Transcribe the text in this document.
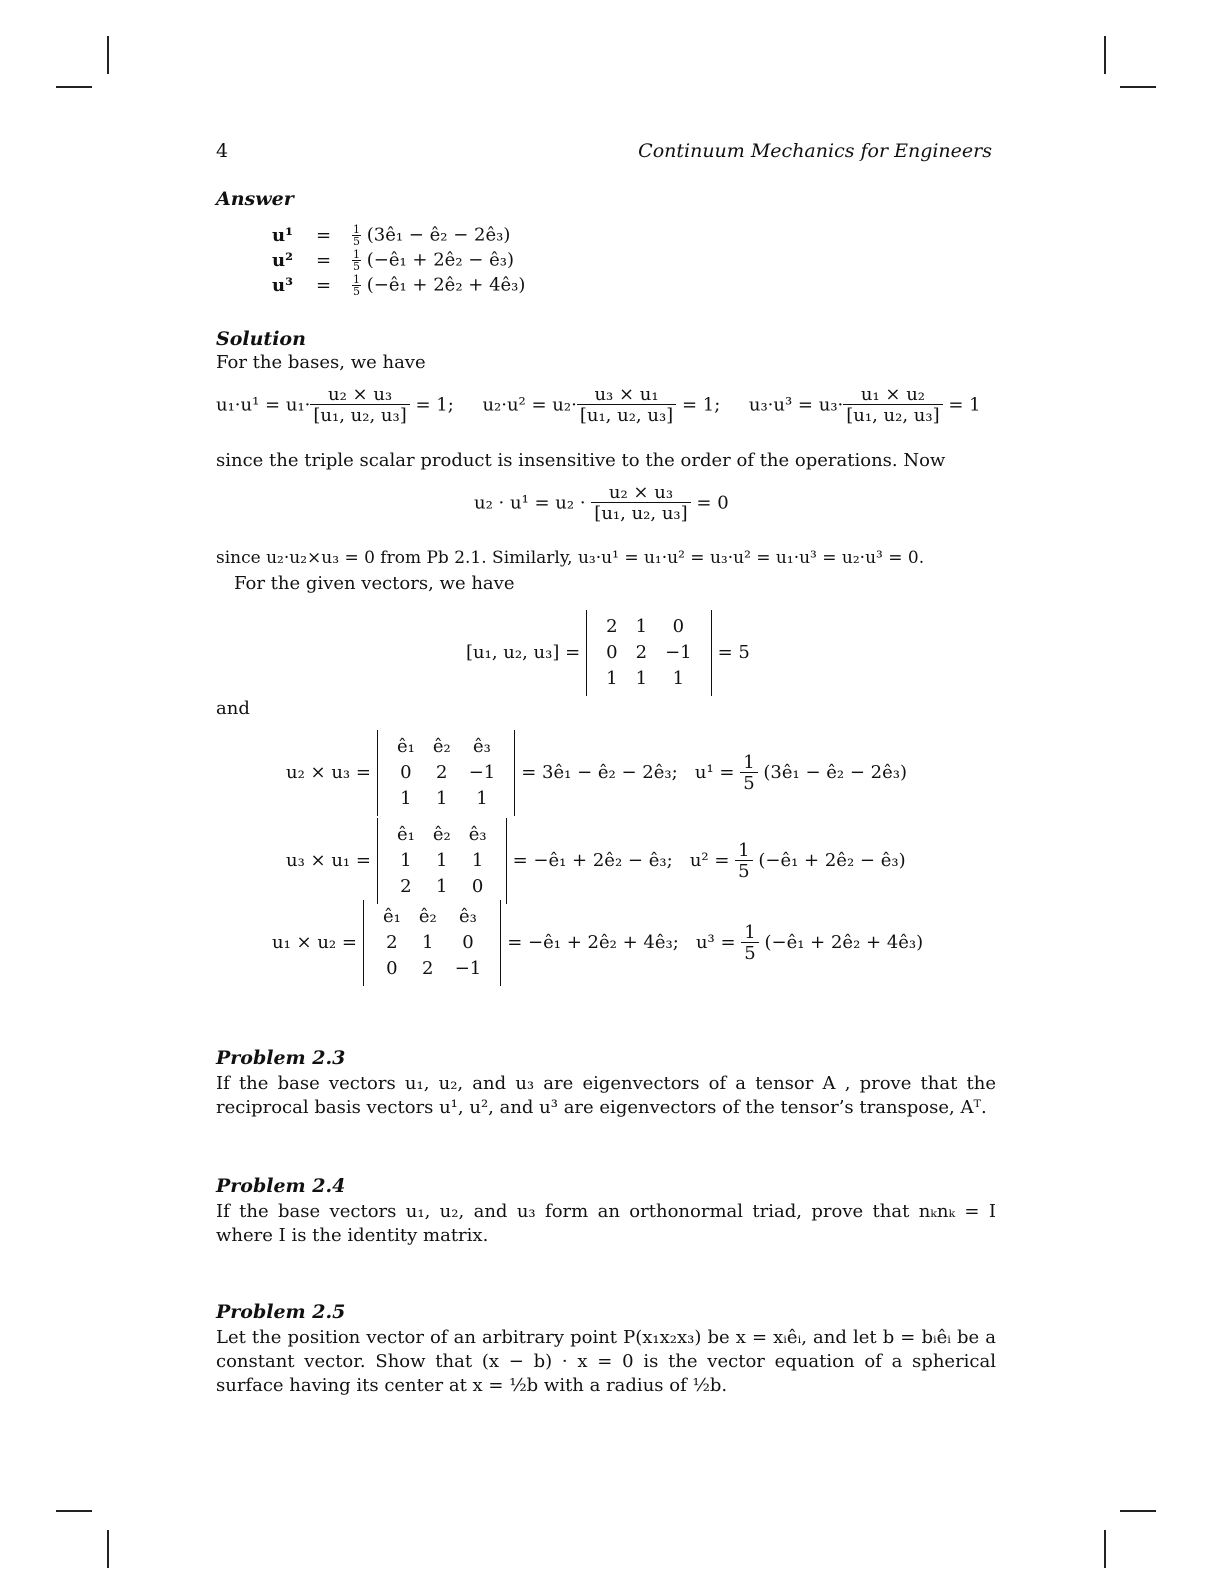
4	Continuum Mechanics for Engineers
Answer
$u^1 = \frac{1}{5}$ (3ê₁ − ê₂ − 2ê₃)
$u^2 = \frac{1}{5}$ (−ê₁ + 2ê₂ − ê₃)
$u^3 = \frac{1}{5}$ (−ê₁ + 2ê₂ + 4ê₃)
Solution
For the bases, we have
$u_1\cdot u^1 = u_1\cdot \frac{\text{u₂ × u₃}}{\text{[u₁, u₂, u₃]}} = 1$; $u_2\cdot u^2 = u_2\cdot \frac{\text{u₃ × u₁}}{\text{[u₁, u₂, u₃]}} = 1$; $u_3\cdot u^3 = u_3\cdot \frac{\text{u₁ × u₂}}{\text{[u₁, u₂, u₃]}} = 1$
since the triple scalar product is insensitive to the order of the operations. Now
$u_2 \cdot u^1 = u_2 \cdot \frac{\text{u₂ × u₃}}{\text{[u₁, u₂, u₃]}} = 0$
since u₂·u₂×u₃ = 0 from Pb 2.1. Similarly, u₃·u¹ = u₁·u² = u₃·u² = u₁·u³ = u₂·u³ = 0.
For the given vectors, we have
[u₁, u₂, u₃] =
2	1	0
0	2	−1
1	1	1
= 5
and
u₂ × u₃ =
ê₁	ê₂	ê₃
0	2	−1
1	1	1
= 3ê₁ − ê₂ − 2ê₃; $u^1 = \frac{1}{5}$ (3ê₁ − ê₂ − 2ê₃)
u₃ × u₁ =
ê₁	ê₂	ê₃
1	1	1
2	1	0
= −ê₁ + 2ê₂ − ê₃; $u^2 = \frac{1}{5}$ (−ê₁ + 2ê₂ − ê₃)
u₁ × u₂ =
ê₁	ê₂	ê₃
2	1	0
0	2	−1
= −ê₁ + 2ê₂ + 4ê₃; $u^3 = \frac{1}{5}$ (−ê₁ + 2ê₂ + 4ê₃)
Problem 2.3
If the base vectors u₁, u₂, and u₃ are eigenvectors of a tensor A , prove that the reciprocal basis vectors u¹, u², and u³ are eigenvectors of the tensor’s transpose, Aᵀ.
Problem 2.4
If the base vectors u₁, u₂, and u₃ form an orthonormal triad, prove that nₖnₖ = I where I is the identity matrix.
Problem 2.5
Let the position vector of an arbitrary point P(x₁x₂x₃) be x = xᵢêᵢ, and let b = bᵢêᵢ be a constant vector. Show that (x − b) · x = 0 is the vector equation of a spherical surface having its center at x = ½b with a radius of ½b.
